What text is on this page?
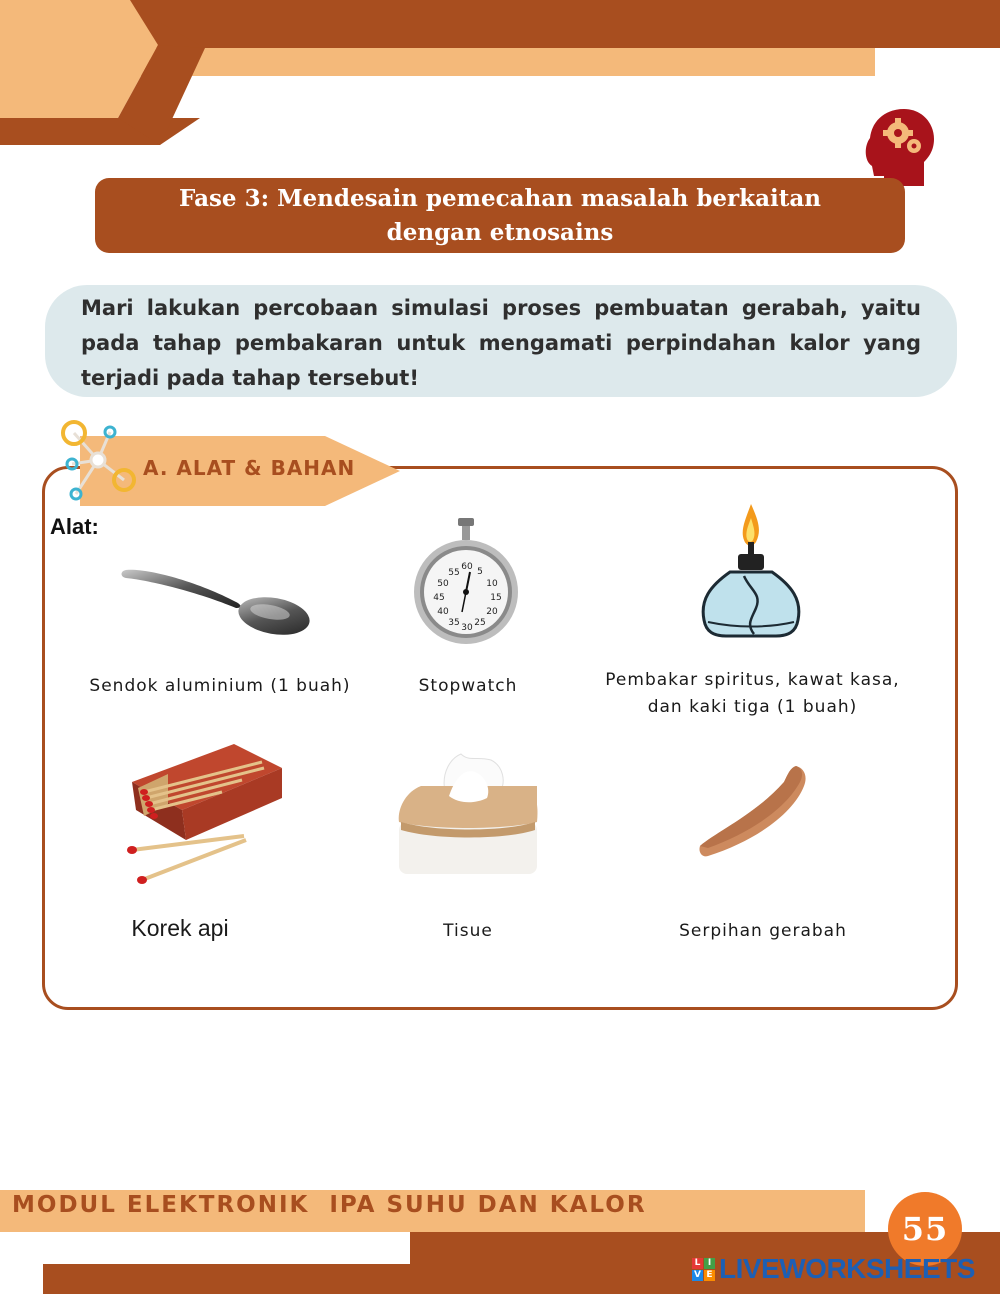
Fase 3: Mendesain pemecahan masalah berkaitan
dengan etnosains
Mari lakukan percobaan simulasi proses pembuatan gerabah, yaitu pada tahap pembakaran untuk mengamati perpindahan kalor yang terjadi pada tahap tersebut!
A. ALAT & BAHAN
Alat:
Sendok aluminium (1 buah)
55
60 5
50	10
45	15
40	20
35 25
30
Stopwatch	Pembakar spiritus, kawat kasa,
dan kaki tiga (1 buah)
Korek api	Tisue	Serpihan gerabah
MODUL ELEKTRONIK  IPA SUHU DAN KALOR
55
L I
V E LIVEWORKSHEETS
